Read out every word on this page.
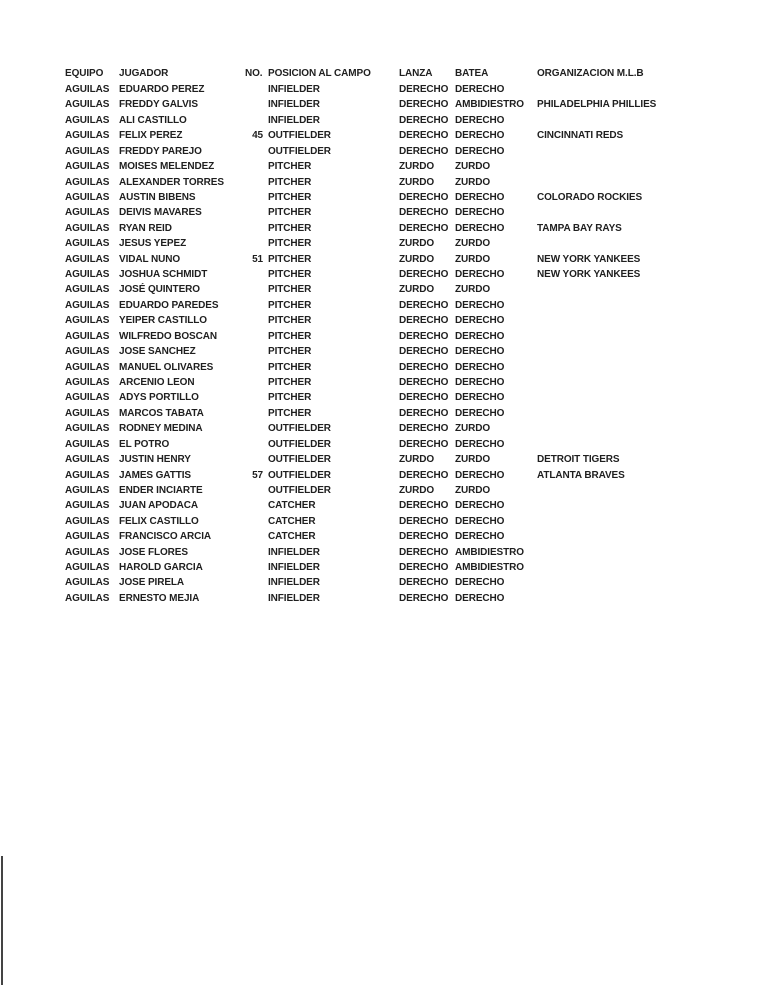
EQUIPO JUGADOR	NO. POSICION AL CAMPO	LANZA BATEA	ORGANIZACION M.L.B
AGUILAS EDUARDO PEREZ	INFIELDER	DERECHO DERECHO
AGUILAS FREDDY GALVIS	INFIELDER	DERECHO AMBIDIESTRO PHILADELPHIA PHILLIES
AGUILAS ALI CASTILLO	INFIELDER	DERECHO DERECHO
AGUILAS FELIX PEREZ	45 OUTFIELDER	DERECHO DERECHO	CINCINNATI REDS
AGUILAS FREDDY PAREJO	OUTFIELDER	DERECHO DERECHO
AGUILAS MOISES MELENDEZ	PITCHER	ZURDO ZURDO
AGUILAS ALEXANDER TORRES	PITCHER	ZURDO ZURDO
AGUILAS AUSTIN BIBENS	PITCHER	DERECHO DERECHO	COLORADO ROCKIES
AGUILAS DEIVIS MAVARES	PITCHER	DERECHO DERECHO
AGUILAS RYAN REID	PITCHER	DERECHO DERECHO	TAMPA BAY RAYS
AGUILAS JESUS YEPEZ	PITCHER	ZURDO ZURDO
AGUILAS VIDAL NUNO	51 PITCHER	ZURDO ZURDO	NEW YORK YANKEES
AGUILAS JOSHUA SCHMIDT	PITCHER	DERECHO DERECHO	NEW YORK YANKEES
AGUILAS JOSÉ QUINTERO	PITCHER	ZURDO ZURDO
AGUILAS EDUARDO PAREDES	PITCHER	DERECHO DERECHO
AGUILAS YEIPER CASTILLO	PITCHER	DERECHO DERECHO
AGUILAS WILFREDO BOSCAN	PITCHER	DERECHO DERECHO
AGUILAS JOSE SANCHEZ	PITCHER	DERECHO DERECHO
AGUILAS MANUEL OLIVARES	PITCHER	DERECHO DERECHO
AGUILAS ARCENIO LEON	PITCHER	DERECHO DERECHO
AGUILAS ADYS PORTILLO	PITCHER	DERECHO DERECHO
AGUILAS MARCOS TABATA	PITCHER	DERECHO DERECHO
AGUILAS RODNEY MEDINA	OUTFIELDER	DERECHO ZURDO
AGUILAS EL POTRO	OUTFIELDER	DERECHO DERECHO
AGUILAS JUSTIN HENRY	OUTFIELDER	ZURDO ZURDO	DETROIT TIGERS
AGUILAS JAMES GATTIS	57 OUTFIELDER	DERECHO DERECHO	ATLANTA BRAVES
AGUILAS ENDER INCIARTE	OUTFIELDER	ZURDO ZURDO
AGUILAS JUAN APODACA	CATCHER	DERECHO DERECHO
AGUILAS FELIX CASTILLO	CATCHER	DERECHO DERECHO
AGUILAS FRANCISCO ARCIA	CATCHER	DERECHO DERECHO
AGUILAS JOSE FLORES	INFIELDER	DERECHO AMBIDIESTRO
AGUILAS HAROLD GARCIA	INFIELDER	DERECHO AMBIDIESTRO
AGUILAS JOSE PIRELA	INFIELDER	DERECHO DERECHO
AGUILAS ERNESTO MEJIA	INFIELDER	DERECHO DERECHO
